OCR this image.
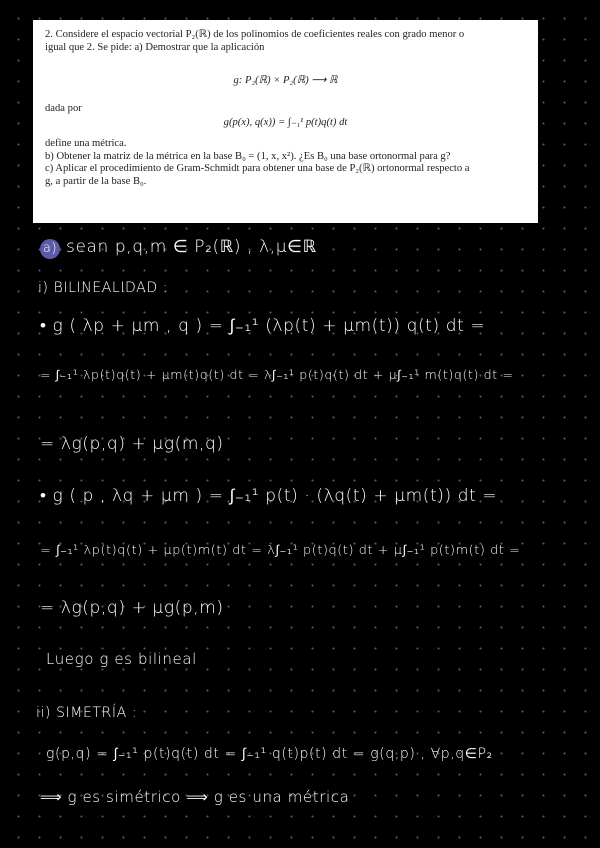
2. Considere el espacio vectorial P₂(ℝ) de los polinomios de coeficientes reales con grado menor o

igual que 2. Se pide: a) Demostrar que la aplicación

g: P₂(ℝ) × P₂(ℝ) ⟶ ℝ

dada por

g(p(x), q(x)) = ∫₋₁¹ p(t)q(t) dt

define una métrica.

b) Obtener la matriz de la métrica en la base B₀ = (1, x, x²). ¿Es B₀ una base ortonormal para g?

c) Aplicar el procedimiento de Gram-Schmidt para obtener una base de P₂(ℝ) ortonormal respecto a

g, a partir de la base B₀.

a) sean p,q,m ∈ P₂(ℝ) , λ,μ∈ℝ
i) BILINEALIDAD :
• g ( λp + μm , q ) = ∫₋₁¹ (λp(t) + μm(t)) q(t) dt =
= ∫₋₁¹ λp(t)q(t) + μm(t)q(t) dt = λ∫₋₁¹ p(t)q(t) dt + μ∫₋₁¹ m(t)q(t) dt =
= λg(p,q) + μg(m,q)
• g ( p , λq + μm ) = ∫₋₁¹ p(t) · (λq(t) + μm(t)) dt =
= ∫₋₁¹ λp(t)q(t) + μp(t)m(t) dt = λ∫₋₁¹ p(t)q(t) dt + μ∫₋₁¹ p(t)m(t) dt =
= λg(p,q) + μg(p,m)
Luego g es bilineal
ii) SIMETRÍA :
g(p,q) = ∫₋₁¹ p(t)q(t) dt = ∫₋₁¹ q(t)p(t) dt = g(q,p) , ∀p,q∈P₂
⟹ g es simétrico ⟹ g es una métrica
